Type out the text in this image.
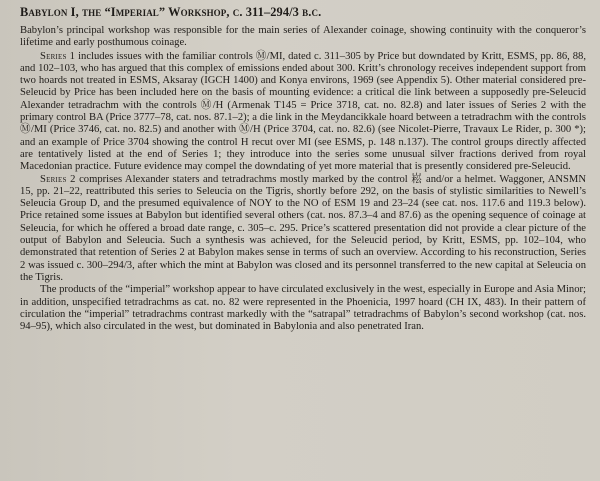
Babylon I, the “Imperial” Workshop, c. 311–294/3 b.c.

Babylon’s principal workshop was responsible for the main series of Alexander coinage, showing continuity with the conqueror’s lifetime and early posthumous coinage.

Series 1 includes issues with the familiar controls Ⓜ/MI, dated c. 311–305 by Price but downdated by Kritt, ESMS, pp. 86, 88, and 102–103, who has argued that this complex of emissions ended about 300. Kritt’s chronology receives independent support from two hoards not treated in ESMS, Aksaray (IGCH 1400) and Konya environs, 1969 (see Appendix 5). Other material considered pre-Seleucid by Price has been included here on the basis of mounting evidence: a critical die link between a supposedly pre-Seleucid Alexander tetradrachm with the controls Ⓜ/H (Armenak T145 = Price 3718, cat. no. 82.8) and later issues of Series 2 with the primary control BA (Price 3777–78, cat. nos. 87.1–2); a die link in the Meydancikkale hoard between a tetradrachm with the controls Ⓜ/MI (Price 3746, cat. no. 82.5) and another with Ⓜ/H (Price 3704, cat. no. 82.6) (see Nicolet-Pierre, Travaux Le Rider, p. 300 *); and an example of Price 3704 showing the control H recut over MI (see ESMS, p. 148 n.137). The control groups directly affected are tentatively listed at the end of Series 1; they introduce into the series some unusual silver fractions derived from royal Macedonian practice. Future evidence may compel the downdating of yet more material that is presently considered pre-Seleucid.

Series 2 comprises Alexander staters and tetradrachms mostly marked by the control 崧 and/or a helmet. Waggoner, ANSMN 15, pp. 21–22, reattributed this series to Seleucia on the Tigris, shortly before 292, on the basis of stylistic similarities to Newell’s Seleucia Group D, and the presumed equivalence of NOY to the NO of ESM 19 and 23–24 (see cat. nos. 117.6 and 119.3 below). Price retained some issues at Babylon but identified several others (cat. nos. 87.3–4 and 87.6) as the opening sequence of coinage at Seleucia, for which he offered a broad date range, c. 305–c. 295. Price’s scattered presentation did not provide a clear picture of the output of Babylon and Seleucia. Such a synthesis was achieved, for the Seleucid period, by Kritt, ESMS, pp. 102–104, who demonstrated that retention of Series 2 at Babylon makes sense in terms of such an overview. According to his reconstruction, Series 2 was issued c. 300–294/3, after which the mint at Babylon was closed and its personnel transferred to the new capital at Seleucia on the Tigris.

The products of the “imperial” workshop appear to have circulated exclusively in the west, especially in Europe and Asia Minor; in addition, unspecified tetradrachms as cat. no. 82 were represented in the Phoenicia, 1997 hoard (CH IX, 483). In their pattern of circulation the “imperial” tetradrachms contrast markedly with the “satrapal” tetradrachms of Babylon’s second workshop (cat. nos. 94–95), which also circulated in the west, but dominated in Babylonia and also penetrated Iran.
